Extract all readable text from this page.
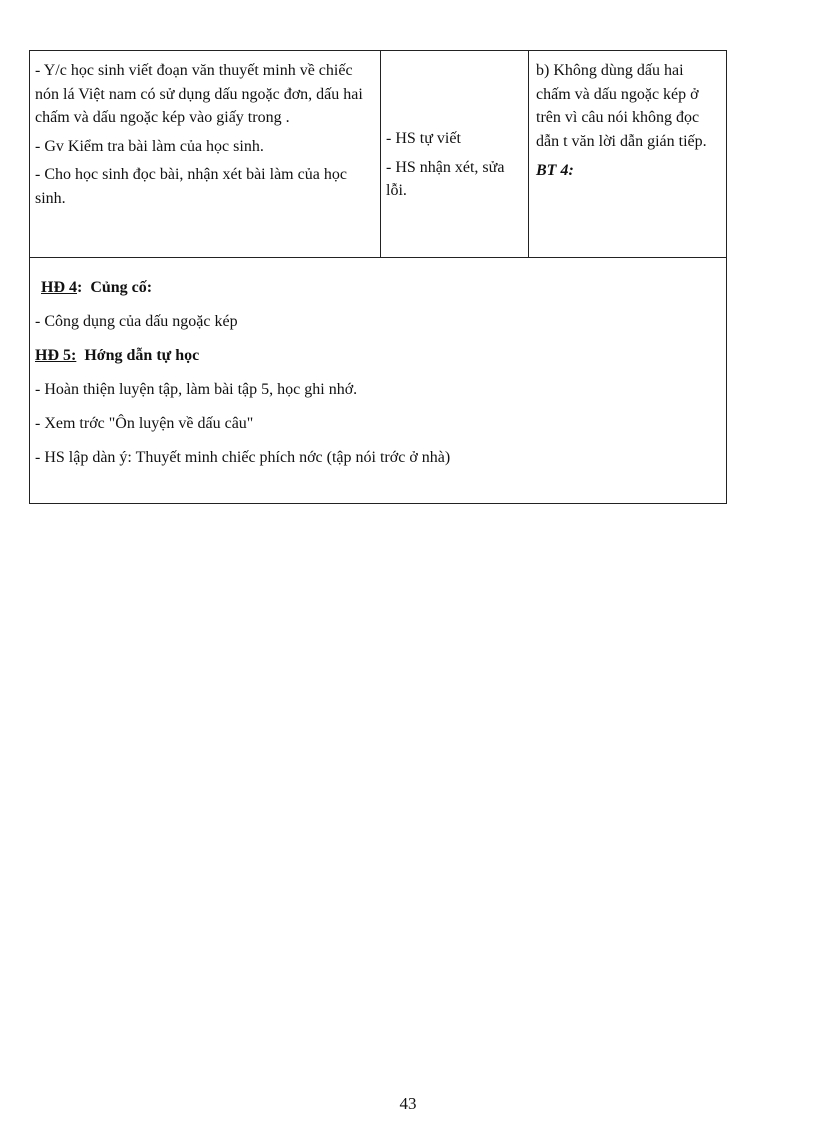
- Y/c học sinh viết đoạn văn thuyết minh về chiếc nón lá Việt nam có sử dụng dấu ngoặc đơn, dấu hai chấm và dấu ngoặc kép vào giấy trong .

- Gv Kiểm tra bài làm của học sinh.

- Cho học sinh đọc bài, nhận xét bài làm của học sinh.

- HS tự viết

- HS nhận xét, sửa lỗi.

b) Không dùng dấu hai chấm và dấu ngoặc kép ở trên vì câu nói không đọc dẫn t văn lời dẫn gián tiếp.

BT 4:

HĐ 4: Củng cố:

- Công dụng của dấu ngoặc kép

HĐ 5: Hớng dẫn tự học

- Hoàn thiện luyện tập, làm bài tập 5, học ghi nhớ.

- Xem trớc "Ôn luyện về dấu câu"

- HS lập dàn ý: Thuyết minh chiếc phích nớc (tập nói trớc ở nhà)

43
